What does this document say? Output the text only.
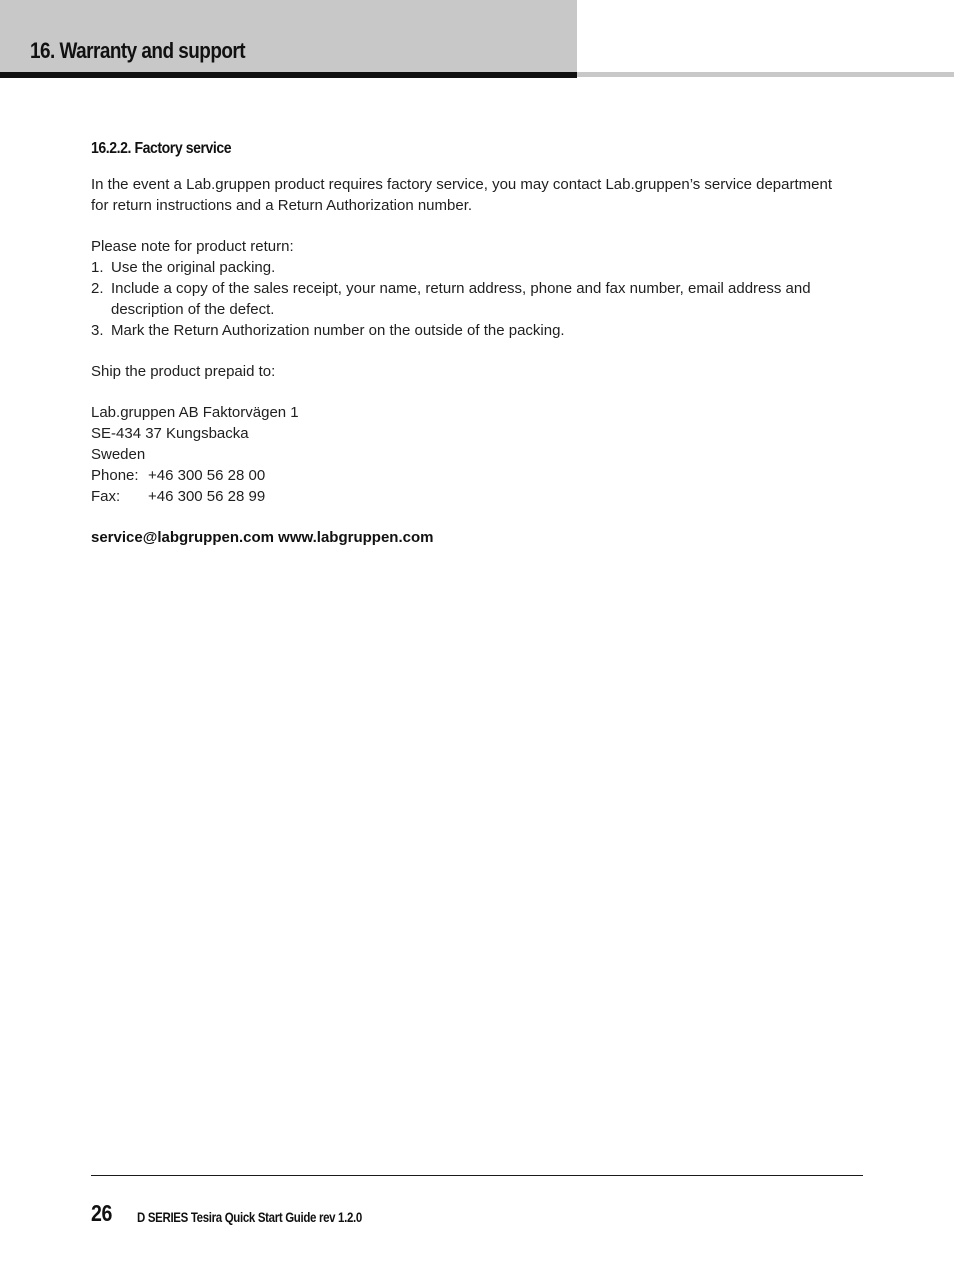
16. Warranty and support
16.2.2. Factory service

In the event a Lab.gruppen product requires factory service, you may contact Lab.gruppen’s service department

for return instructions and a Return Authorization number.

Please note for product return:

1. Use the original packing.
2. Include a copy of the sales receipt, your name, return address, phone and fax number, email address and
description of the defect.
3. Mark the Return Authorization number on the outside of the packing.

Ship the product prepaid to:

Lab.gruppen AB Faktorvägen 1

SE-434 37 Kungsbacka

Sweden

Phone: +46 300 56 28 00
Fax:	+46 300 56 28 99

service@labgruppen.com www.labgruppen.com

26 D SERIES Tesira Quick Start Guide rev 1.2.0
